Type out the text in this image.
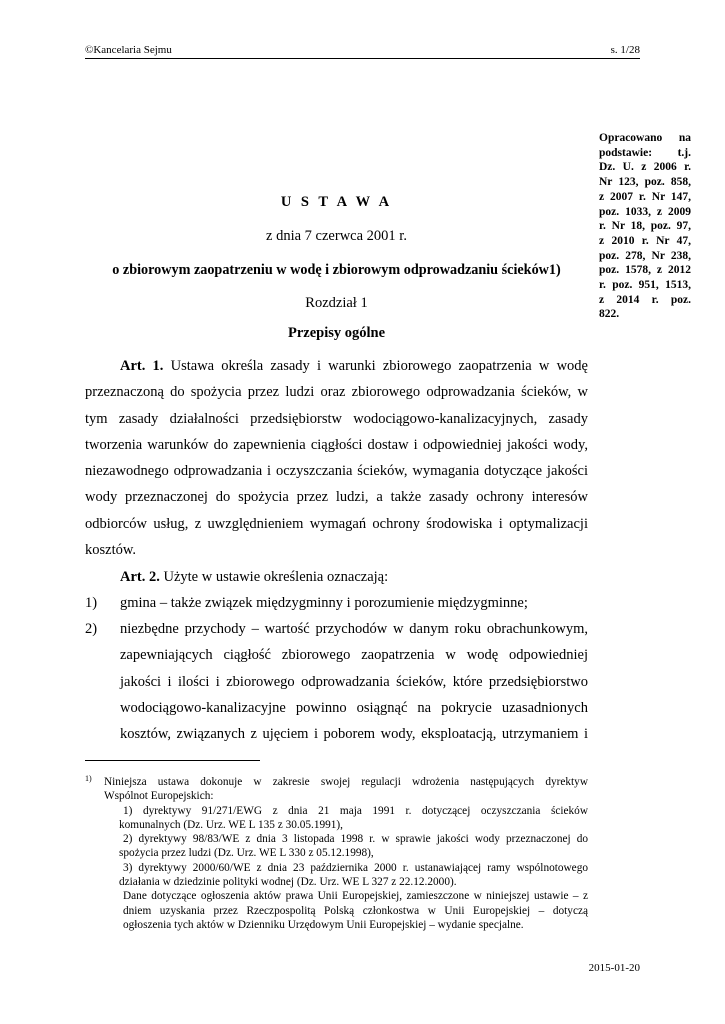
©Kancelaria Sejmu	s. 1/28
Opracowano na
podstawie: t.j.
Dz. U. z 2006 r.
Nr 123, poz. 858,
z 2007 r. Nr 147,
poz. 1033, z 2009
r. Nr 18, poz. 97,
z 2010 r. Nr 47,
poz. 278, Nr 238,
poz. 1578, z 2012
r. poz. 951, 1513,
z 2014 r. poz.
822.
U S T A W A
z dnia 7 czerwca 2001 r.
o zbiorowym zaopatrzeniu w wodę i zbiorowym odprowadzaniu ścieków1)
Rozdział 1
Przepisy ogólne
Art. 1. Ustawa określa zasady i warunki zbiorowego zaopatrzenia w wodę
przeznaczoną do spożycia przez ludzi oraz zbiorowego odprowadzania ścieków, w
tym zasady działalności przedsiębiorstw wodociągowo-kanalizacyjnych, zasady
tworzenia warunków do zapewnienia ciągłości dostaw i odpowiedniej jakości wody,
niezawodnego odprowadzania i oczyszczania ścieków, wymagania dotyczące jakości
wody przeznaczonej do spożycia przez ludzi, a także zasady ochrony interesów
odbiorców usług, z uwzględnieniem wymagań ochrony środowiska i optymalizacji
kosztów.
Art. 2. Użyte w ustawie określenia oznaczają:
1) gmina – także związek międzygminny i porozumienie międzygminne;
2) niezbędne przychody – wartość przychodów w danym roku obrachunkowym,
zapewniających ciągłość zbiorowego zaopatrzenia w wodę odpowiedniej
jakości i ilości i zbiorowego odprowadzania ścieków, które przedsiębiorstwo
wodociągowo-kanalizacyjne powinno osiągnąć na pokrycie uzasadnionych
kosztów, związanych z ujęciem i poborem wody, eksploatacją, utrzymaniem i
1) Niniejsza ustawa dokonuje w zakresie swojej regulacji wdrożenia następujących dyrektyw
Wspólnot Europejskich:
1) dyrektywy 91/271/EWG z dnia 21 maja 1991 r. dotyczącej oczyszczania ścieków
komunalnych (Dz. Urz. WE L 135 z 30.05.1991),
2) dyrektywy 98/83/WE z dnia 3 listopada 1998 r. w sprawie jakości wody przeznaczonej do
spożycia przez ludzi (Dz. Urz. WE L 330 z 05.12.1998),
3) dyrektywy 2000/60/WE z dnia 23 października 2000 r. ustanawiającej ramy wspólnotowego
działania w dziedzinie polityki wodnej (Dz. Urz. WE L 327 z 22.12.2000).
Dane dotyczące ogłoszenia aktów prawa Unii Europejskiej, zamieszczone w niniejszej ustawie – z
dniem uzyskania przez Rzeczpospolitą Polską członkostwa w Unii Europejskiej – dotyczą
ogłoszenia tych aktów w Dzienniku Urzędowym Unii Europejskiej – wydanie specjalne.
2015-01-20
